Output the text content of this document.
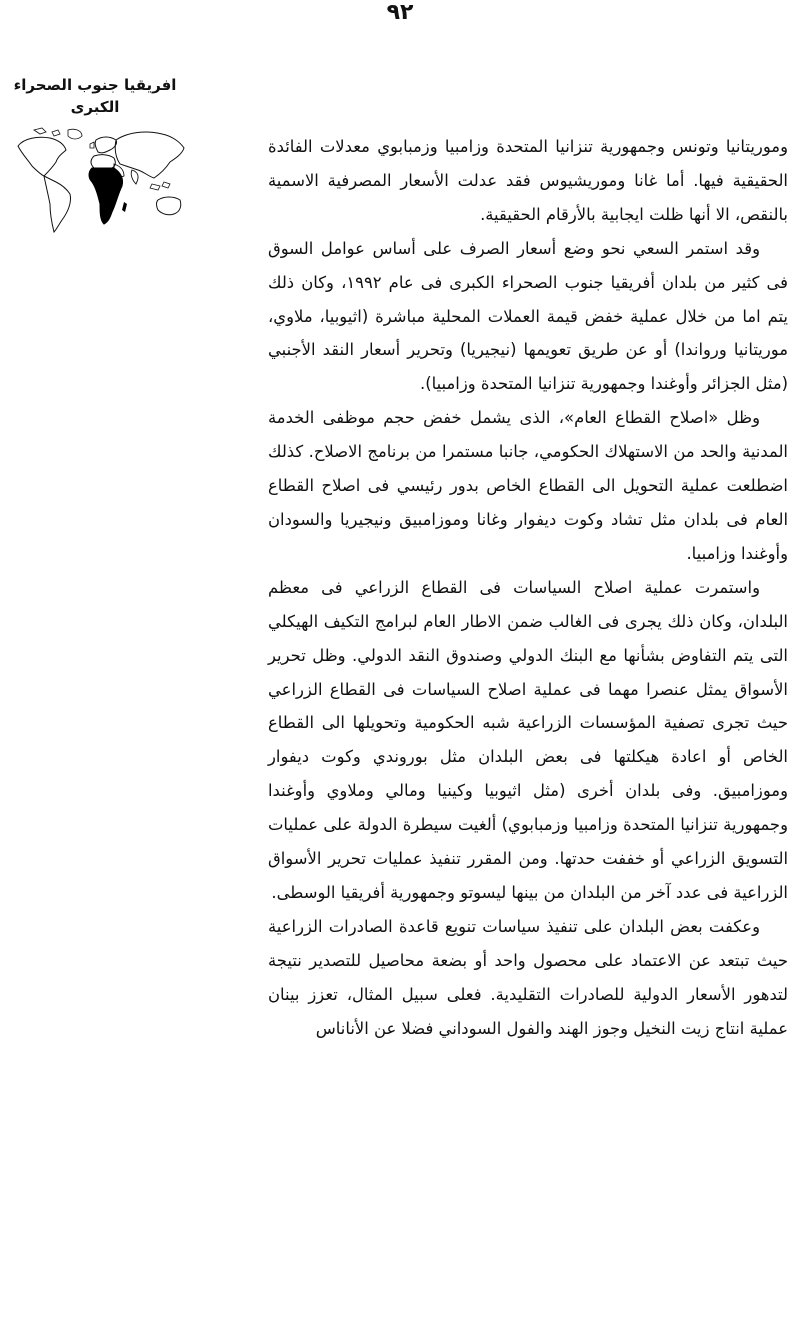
٩٢

افريقيا جنوب الصحراء

الكبرى

وموريتانيا وتونس وجمهورية تنزانيا المتحدة وزامبيا وزمبابوي معدلات الفائدة الحقيقية فيها. أما غانا وموريشيوس فقد عدلت الأسعار المصرفية الاسمية بالنقص، الا أنها ظلت ايجابية بالأرقام الحقيقية.

وقد استمر السعي نحو وضع أسعار الصرف على أساس عوامل السوق فى كثير من بلدان أفريقيا جنوب الصحراء الكبرى فى عام ١٩٩٢، وكان ذلك يتم اما من خلال عملية خفض قيمة العملات المحلية مباشرة (اثيوبيا، ملاوي، موريتانيا ورواندا) أو عن طريق تعويمها (نيجيريا) وتحرير أسعار النقد الأجنبي (مثل الجزائر وأوغندا وجمهورية تنزانيا المتحدة وزامبيا).

وظل «اصلاح القطاع العام»، الذى يشمل خفض حجم موظفى الخدمة المدنية والحد من الاستهلاك الحكومي، جانبا مستمرا من برنامج الاصلاح. كذلك اضطلعت عملية التحويل الى القطاع الخاص بدور رئيسي فى اصلاح القطاع العام فى بلدان مثل تشاد وكوت ديفوار وغانا وموزامبيق ونيجيريا والسودان وأوغندا وزامبيا.

واستمرت عملية اصلاح السياسات فى القطاع الزراعي فى معظم البلدان، وكان ذلك يجرى فى الغالب ضمن الاطار العام لبرامج التكيف الهيكلي التى يتم التفاوض بشأنها مع البنك الدولي وصندوق النقد الدولي. وظل تحرير الأسواق يمثل عنصرا مهما فى عملية اصلاح السياسات فى القطاع الزراعي حيث تجرى تصفية المؤسسات الزراعية شبه الحكومية وتحويلها الى القطاع الخاص أو اعادة هيكلتها فى بعض البلدان مثل بوروندي وكوت ديفوار وموزامبيق. وفى بلدان أخرى (مثل اثيوبيا وكينيا ومالي وملاوي وأوغندا وجمهورية تنزانيا المتحدة وزامبيا وزمبابوي) ألغيت سيطرة الدولة على عمليات التسويق الزراعي أو خففت حدتها. ومن المقرر تنفيذ عمليات تحرير الأسواق الزراعية فى عدد آخر من البلدان من بينها ليسوتو وجمهورية أفريقيا الوسطى.

وعكفت بعض البلدان على تنفيذ سياسات تنويع قاعدة الصادرات الزراعية حيث تبتعد عن الاعتماد على محصول واحد أو بضعة محاصيل للتصدير نتيجة لتدهور الأسعار الدولية للصادرات التقليدية. فعلى سبيل المثال، تعزز بينان عملية انتاج زيت النخيل وجوز الهند والفول السوداني فضلا عن الأناناس
